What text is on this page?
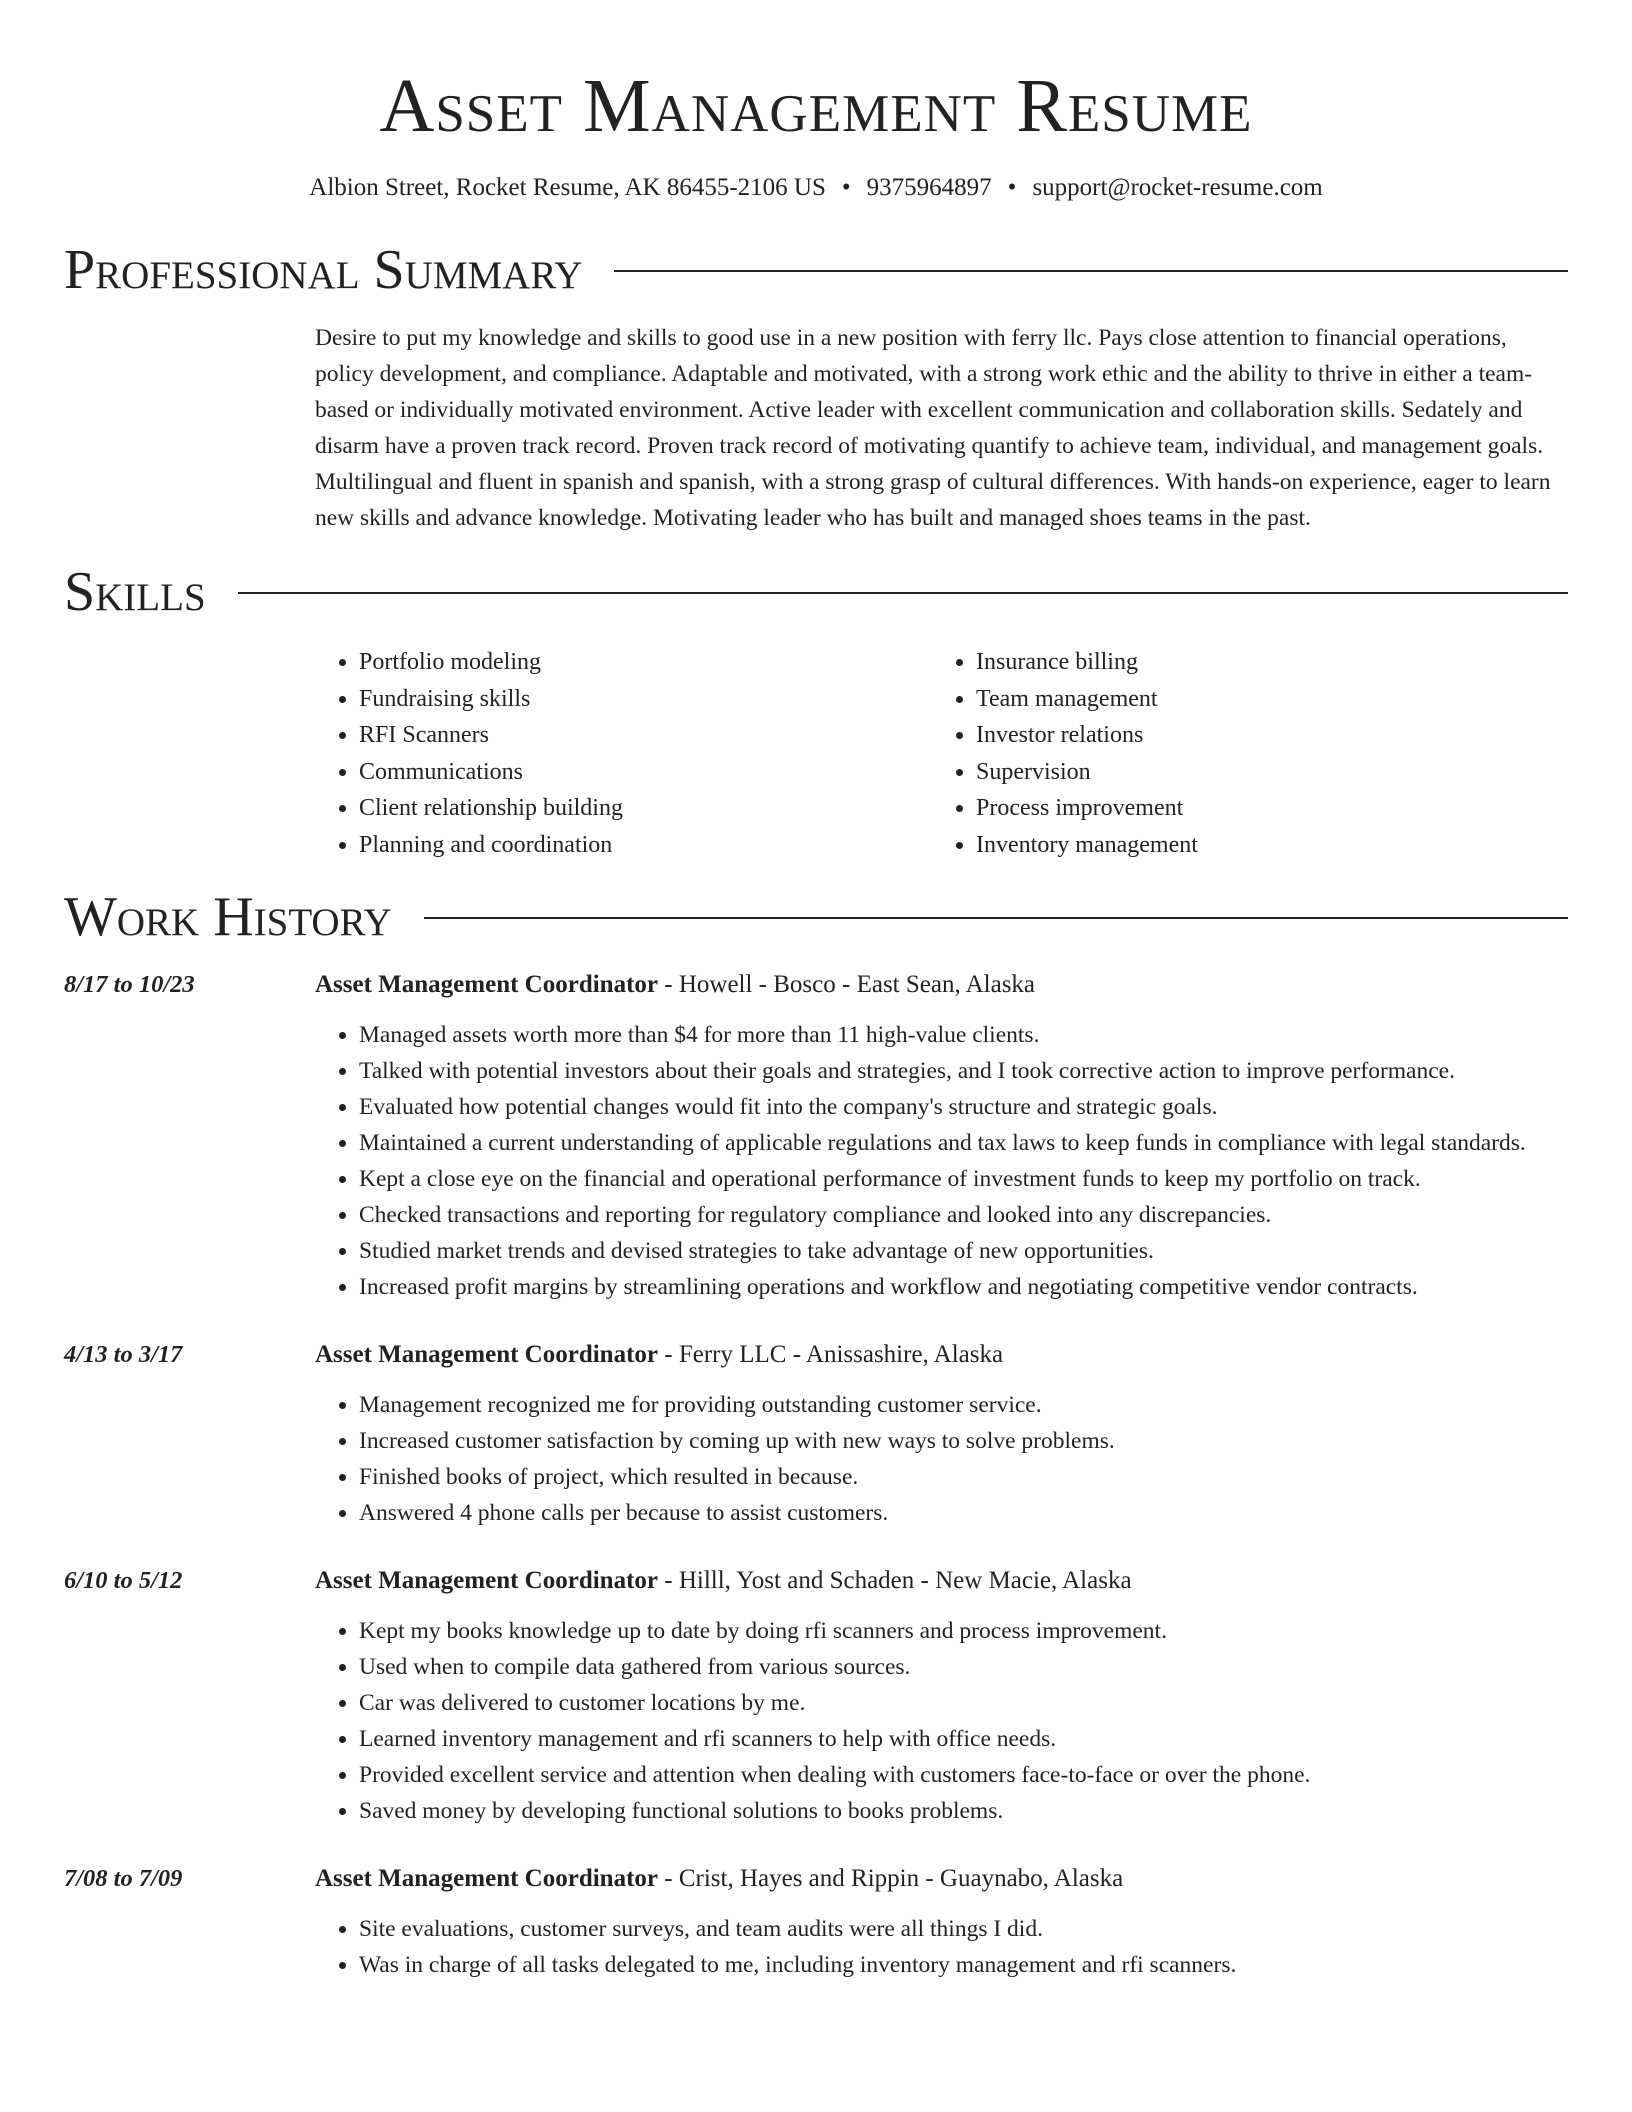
Asset Management Resume
Albion Street, Rocket Resume, AK 86455-2106 US • 9375964897 • support@rocket-resume.com
Professional Summary

Desire to put my knowledge and skills to good use in a new position with ferry llc. Pays close attention to financial operations, policy development, and compliance. Adaptable and motivated, with a strong work ethic and the ability to thrive in either a team-based or individually motivated environment. Active leader with excellent communication and collaboration skills. Sedately and disarm have a proven track record. Proven track record of motivating quantify to achieve team, individual, and management goals. Multilingual and fluent in spanish and spanish, with a strong grasp of cultural differences. With hands-on experience, eager to learn new skills and advance knowledge. Motivating leader who has built and managed shoes teams in the past.

Skills
• Portfolio modeling
• Fundraising skills
• RFI Scanners
• Communications
• Client relationship building
• Planning and coordination
• Insurance billing
• Team management
• Investor relations
• Supervision
• Process improvement
• Inventory management
Work History
8/17 to 10/23	Asset Management Coordinator - Howell - Bosco - East Sean, Alaska
• Managed assets worth more than $4 for more than 11 high-value clients.
• Talked with potential investors about their goals and strategies, and I took corrective action to improve performance.
• Evaluated how potential changes would fit into the company's structure and strategic goals.
• Maintained a current understanding of applicable regulations and tax laws to keep funds in compliance with legal standards.
• Kept a close eye on the financial and operational performance of investment funds to keep my portfolio on track.
• Checked transactions and reporting for regulatory compliance and looked into any discrepancies.
• Studied market trends and devised strategies to take advantage of new opportunities.
• Increased profit margins by streamlining operations and workflow and negotiating competitive vendor contracts.
4/13 to 3/17	Asset Management Coordinator - Ferry LLC - Anissashire, Alaska
• Management recognized me for providing outstanding customer service.
• Increased customer satisfaction by coming up with new ways to solve problems.
• Finished books of project, which resulted in because.
• Answered 4 phone calls per because to assist customers.
6/10 to 5/12	Asset Management Coordinator - Hilll, Yost and Schaden - New Macie, Alaska
• Kept my books knowledge up to date by doing rfi scanners and process improvement.
• Used when to compile data gathered from various sources.
• Car was delivered to customer locations by me.
• Learned inventory management and rfi scanners to help with office needs.
• Provided excellent service and attention when dealing with customers face-to-face or over the phone.
• Saved money by developing functional solutions to books problems.
7/08 to 7/09	Asset Management Coordinator - Crist, Hayes and Rippin - Guaynabo, Alaska
• Site evaluations, customer surveys, and team audits were all things I did.
• Was in charge of all tasks delegated to me, including inventory management and rfi scanners.
